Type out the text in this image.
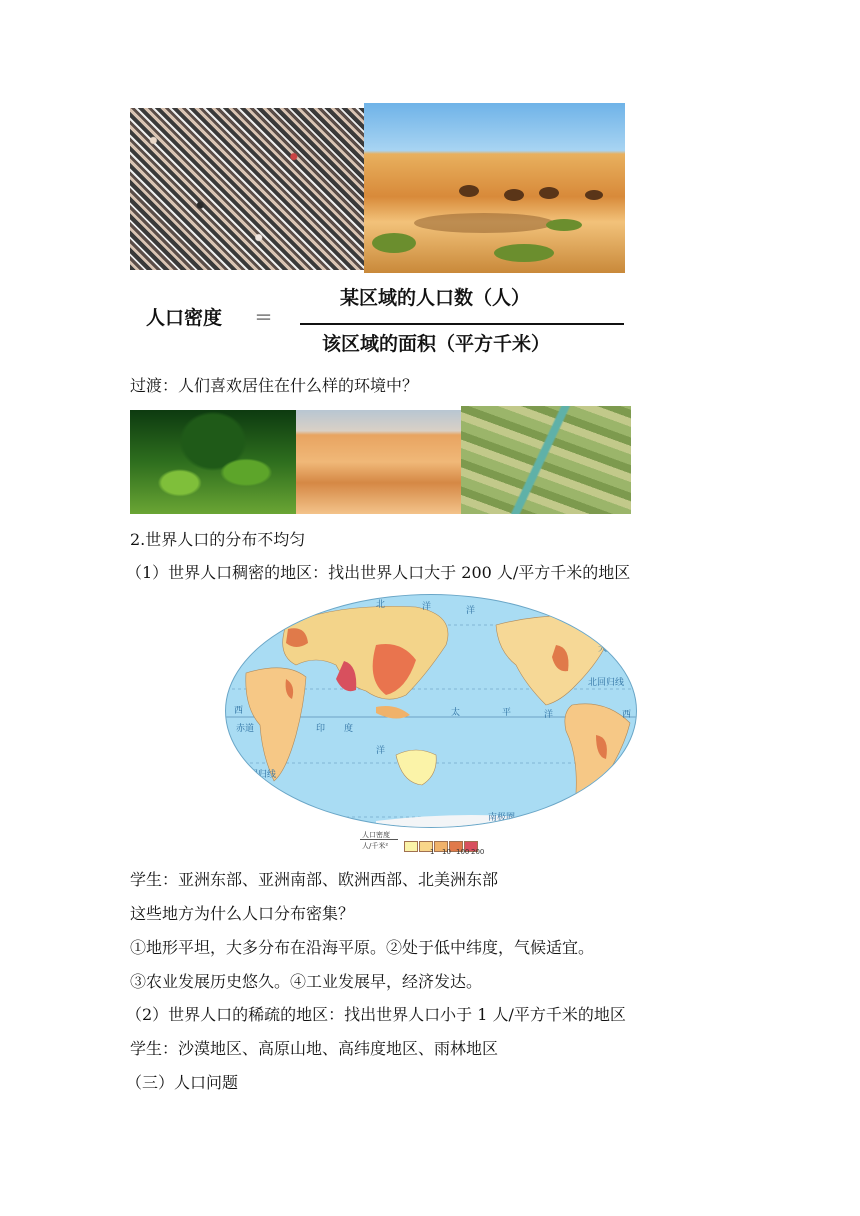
人口密度 ＝
某区域的人口数（人）
该区域的面积（平方千米）
过渡：人们喜欢居住在什么样的环境中？
2.世界人口的分布不均匀
（1）世界人口稠密的地区：找出世界人口大于 200 人/平方千米的地区
北极圈	北	洋	洋
北回归线
赤道
南回归线
南极圈
西	太	平	洋
大
印 度
西
洋
洋
人口密度
人/千米²
1 10 100 200
学生：亚洲东部、亚洲南部、欧洲西部、北美洲东部
这些地方为什么人口分布密集？
①地形平坦，大多分布在沿海平原。②处于低中纬度，气候适宜。
③农业发展历史悠久。④工业发展早，经济发达。
（2）世界人口的稀疏的地区：找出世界人口小于 1 人/平方千米的地区
学生：沙漠地区、高原山地、高纬度地区、雨林地区
（三）人口问题
